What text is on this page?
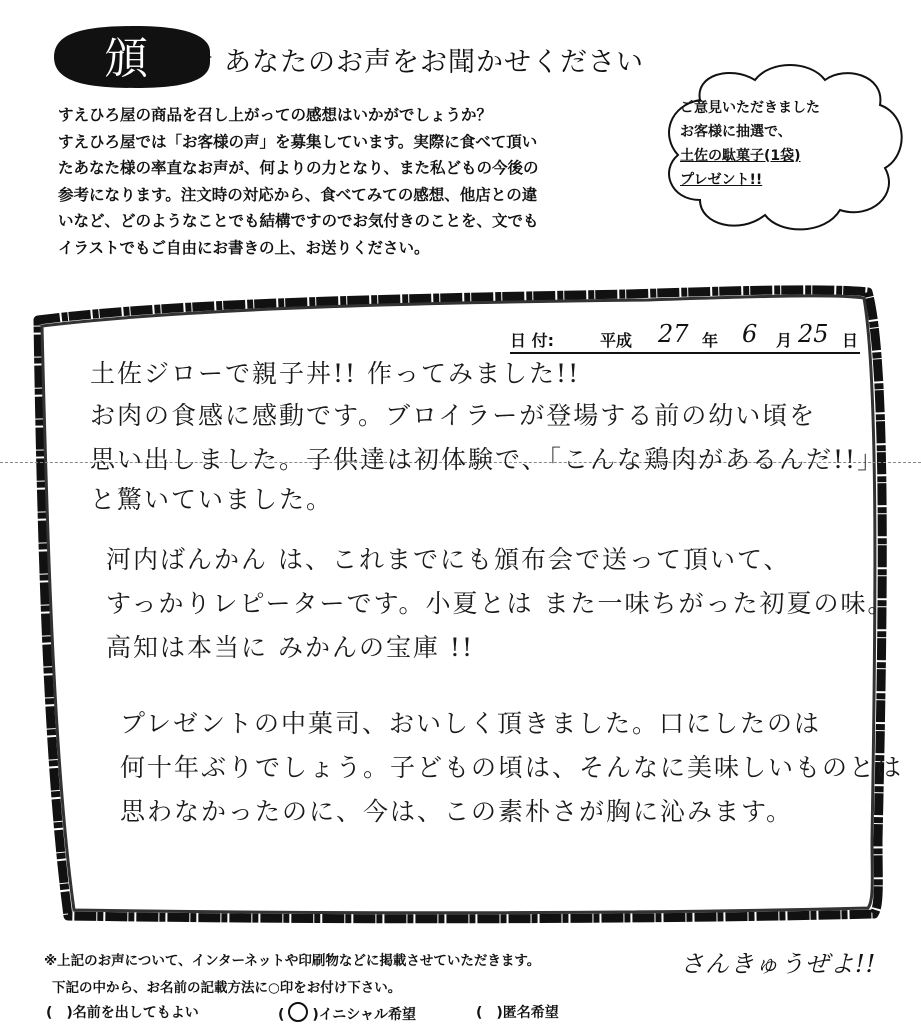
頒	あなたのお声をお聞かせください
すえひろ屋の商品を召し上がっての感想はいかがでしょうか？
すえひろ屋では「お客様の声」を募集しています。実際に食べて頂い
たあなた様の率直なお声が、何よりの力となり、また私どもの今後の
参考になります。注文時の対応から、食べてみての感想、他店との違
いなど、どのようなことでも結構ですのでお気付きのことを、文でも
イラストでもご自由にお書きの上、お送りください。
ご意見いただきました
お客様に抽選で、
土佐の駄菓子(1袋)
プレゼント!!
日 付:	平成 27 年 6 月 25 日
土佐ジローで親子丼!! 作ってみました!!
お肉の食感に感動です。ブロイラーが登場する前の幼い頃を
思い出しました。子供達は初体験で、「こんな鶏肉があるんだ!!」
と驚いていました。
河内ばんかん は、これまでにも頒布会で送って頂いて、
すっかりレピーターです。小夏とは また一味ちがった初夏の味。
高知は本当に みかんの宝庫 !!
プレゼントの中菓司、おいしく頂きました。口にしたのは
何十年ぶりでしょう。子どもの頃は、そんなに美味しいものとは
思わなかったのに、今は、この素朴さが胸に沁みます。
※上記のお声について、インターネットや印刷物などに掲載させていただきます。
下記の中から、お名前の記載方法に○印をお付け下さい。
(　)名前を出してもよい	( )イニシャル希望	(　)匿名希望
さんきゅうぜよ!!
